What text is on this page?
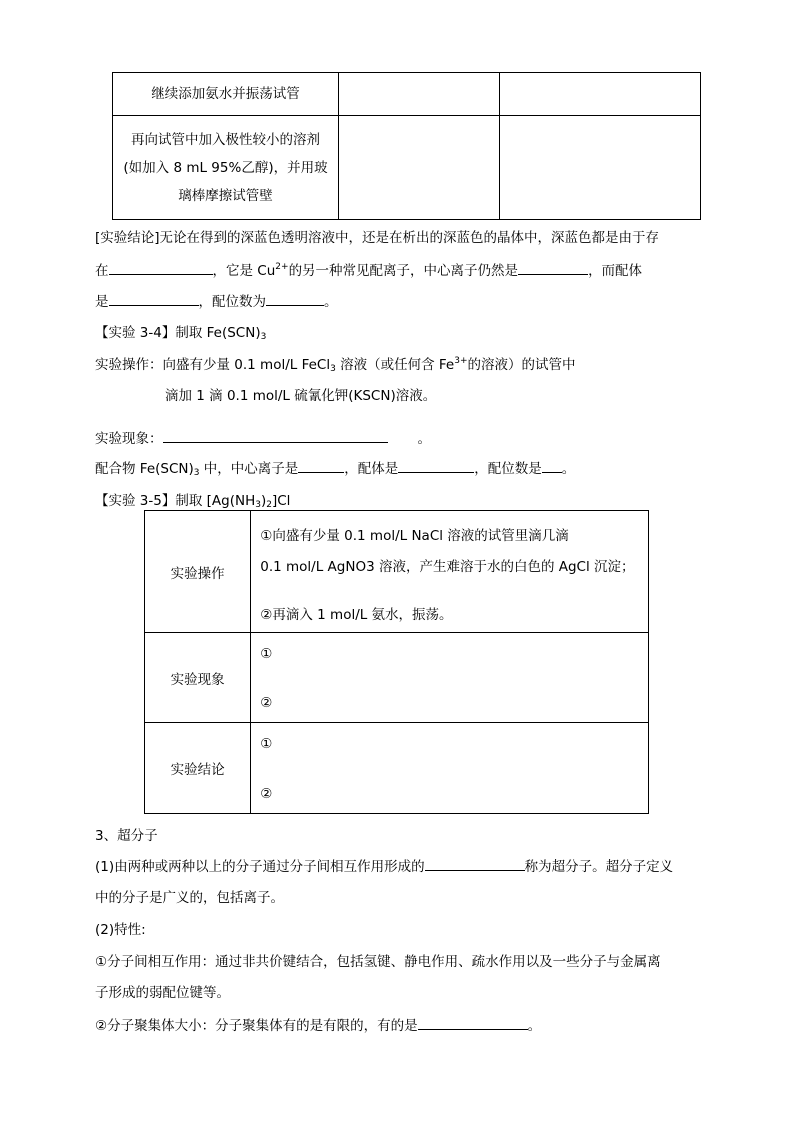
继续添加氨水并振荡试管		

再向试管中加入极性较小的溶剂
(如加入 8 mL 95%乙醇)，并用玻
璃棒摩擦试管壁		

[实验结论]无论在得到的深蓝色透明溶液中，还是在析出的深蓝色的晶体中，深蓝色都是由于存
在	，它是 $Cu^{2+}$的另一种常见配离子，中心离子仍然是	，而配体
是	，配位数为	。
【实验 3-4】制取 $Fe(SCN)_3$
实验操作：向盛有少量 0.1 mol/L FeCl$_3$ 溶液（或任何含 $Fe^{3+}$的溶液）的试管中
滴加 1 滴 0.1 mol/L 硫氰化钾(KSCN)溶液。
实验现象：	。
配合物 $Fe(SCN)_3$ 中，中心离子是	，配体是	，配位数是 。
【实验 3-5】制取 $[Ag(NH_3)_2]Cl$
实验操作	①向盛有少量 0.1 mol/L NaCl 溶液的试管里滴几滴
0.1 mol/L AgNO3 溶液，产生难溶于水的白色的 AgCl 沉淀；
②再滴入 1 mol/L 氨水，振荡。

实验现象	①
②

实验结论	①
②
3、超分子
(1)由两种或两种以上的分子通过分子间相互作用形成的	称为超分子。超分子定义
中的分子是广义的，包括离子。
(2)特性:
①分子间相互作用：通过非共价键结合，包括氢键、静电作用、疏水作用以及一些分子与金属离
子形成的弱配位键等。
②分子聚集体大小：分子聚集体有的是有限的，有的是	。
